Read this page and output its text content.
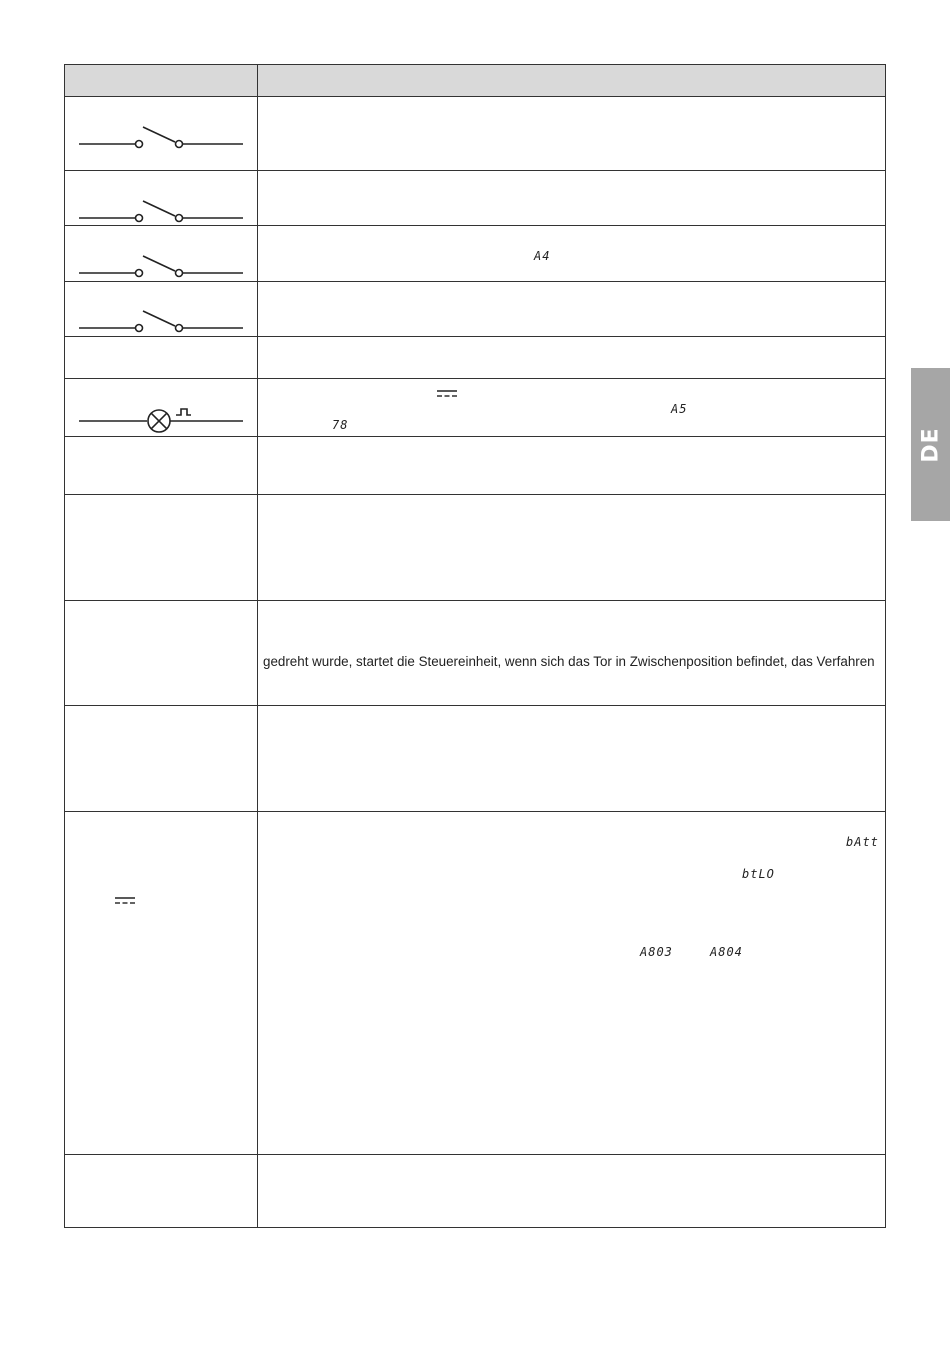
A4
A5
78
gedreht wurde, startet die Steuereinheit, wenn sich das Tor in Zwischenposition befindet, das Verfahren
bAtt
btLO
A803	A804
DE
